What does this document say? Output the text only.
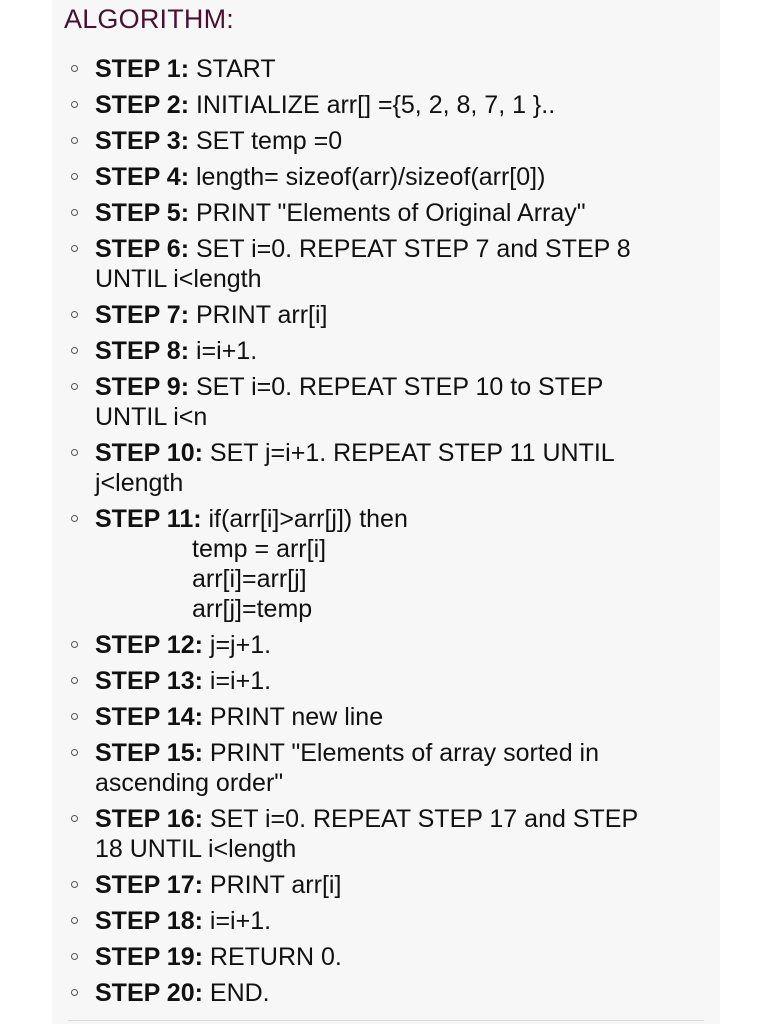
ALGORITHM:
STEP 1: START
STEP 2: INITIALIZE arr[] ={5, 2, 8, 7, 1 }..
STEP 3: SET temp =0
STEP 4: length= sizeof(arr)/sizeof(arr[0])
STEP 5: PRINT "Elements of Original Array"
STEP 6: SET i=0. REPEAT STEP 7 and STEP 8
UNTIL i<length
STEP 7: PRINT arr[i]
STEP 8: i=i+1.
STEP 9: SET i=0. REPEAT STEP 10 to STEP
UNTIL i<n
STEP 10: SET j=i+1. REPEAT STEP 11 UNTIL
j<length
STEP 11: if(arr[i]>arr[j]) then
temp = arr[i]
arr[i]=arr[j]
arr[j]=temp
STEP 12: j=j+1.
STEP 13: i=i+1.
STEP 14: PRINT new line
STEP 15: PRINT "Elements of array sorted in
ascending order"
STEP 16: SET i=0. REPEAT STEP 17 and STEP
18 UNTIL i<length
STEP 17: PRINT arr[i]
STEP 18: i=i+1.
STEP 19: RETURN 0.
STEP 20: END.
